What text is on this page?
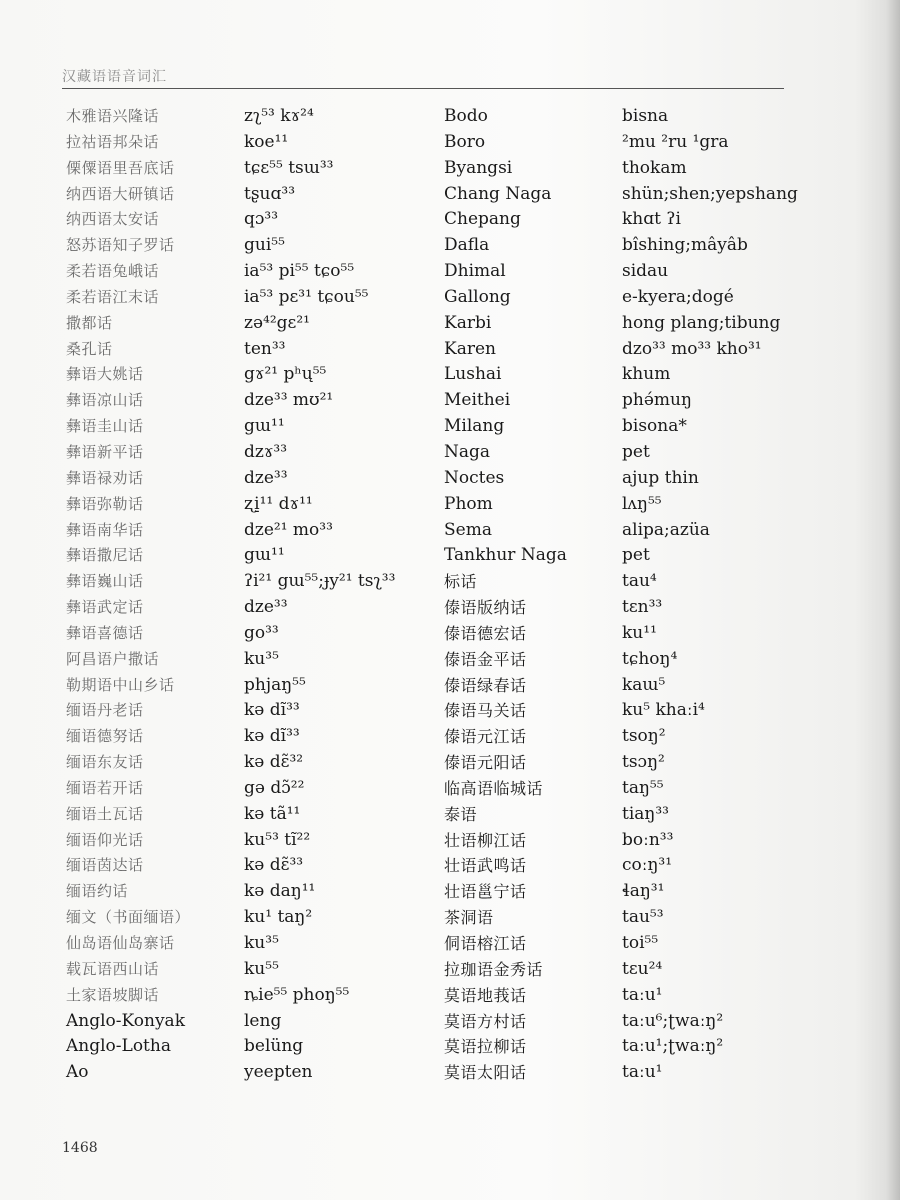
汉藏语语音词汇
木雅语兴隆话
拉祜语邦朵话
傈僳语里吾底话
纳西语大研镇话
纳西语太安话
怒苏语知子罗话
柔若语兔峨话
柔若语江末话
撒都话
桑孔话
彝语大姚话
彝语凉山话
彝语圭山话
彝语新平话
彝语禄劝话
彝语弥勒话
彝语南华话
彝语撒尼话
彝语巍山话
彝语武定话
彝语喜德话
阿昌语户撒话
勒期语中山乡话
缅语丹老话
缅语德努话
缅语东友话
缅语若开话
缅语土瓦话
缅语仰光话
缅语茵达话
缅语约话
缅文（书面缅语）
仙岛语仙岛寨话
载瓦语西山话
土家语坡脚话
Anglo-Konyak
Anglo-Lotha
Ao
zʅ⁵³ kɤ²⁴
koe¹¹
tɕɛ⁵⁵ tsɯ³³
tʂuɑ³³
qɔ³³
gui⁵⁵
ia⁵³ pi⁵⁵ tɕo⁵⁵
ia⁵³ pɛ³¹ tɕou⁵⁵
zə⁴²gɛ²¹
ten³³
gɤ²¹ pʰų⁵⁵
dze³³ mʊ²¹
gɯ¹¹
dzɤ³³
dze³³
ʐi̠¹¹ dɤ¹¹
dze²¹ mo³³
gɯ¹¹
ʔi²¹ gɯ⁵⁵;ɟy²¹ tsʅ³³
dze³³
go³³
ku³⁵
phjaŋ⁵⁵
kə dĩ³³
kə dĩ³³
kə dɛ̃³²
gə dɔ̃²²
kə tã¹¹
ku⁵³ tĩ²²
kə dɛ̃³³
kə daŋ¹¹
ku¹ taŋ²
ku³⁵
ku⁵⁵
ȵie⁵⁵ phoŋ⁵⁵
leng
belüng
yeepten
Bodo
Boro
Byangsi
Chang Naga
Chepang
Dafla
Dhimal
Gallong
Karbi
Karen
Lushai
Meithei
Milang
Naga
Noctes
Phom
Sema
Tankhur Naga
标话
傣语版纳话
傣语德宏话
傣语金平话
傣语绿春话
傣语马关话
傣语元江话
傣语元阳话
临高语临城话
泰语
壮语柳江话
壮语武鸣话
壮语邕宁话
茶洞语
侗语榕江话
拉珈语金秀话
莫语地莪话
莫语方村话
莫语拉柳话
莫语太阳话
bisna
²mu ²ru ¹gra
thokam
shün;shen;yepshang
khɑt ʔi
bîshing;mâyâb
sidau
e-kyera;dogé
hong plang;tibung
dzo³³ mo³³ kho³¹
khum
phə́muŋ
bisona*
pet
ajup thin
lʌŋ⁵⁵
alipa;azüa
pet
tau⁴
tɛn³³
ku¹¹
tɕhoŋ⁴
kaɯ⁵
ku⁵ khaːi⁴
tsoŋ²
tsɔŋ²
taŋ⁵⁵
tiaŋ³³
boːn³³
coːŋ³¹
ɬaŋ³¹
tau⁵³
toi⁵⁵
tɛu²⁴
taːu¹
taːu⁶;ʈwaːŋ²
taːu¹;ʈwaːŋ²
taːu¹
1468
